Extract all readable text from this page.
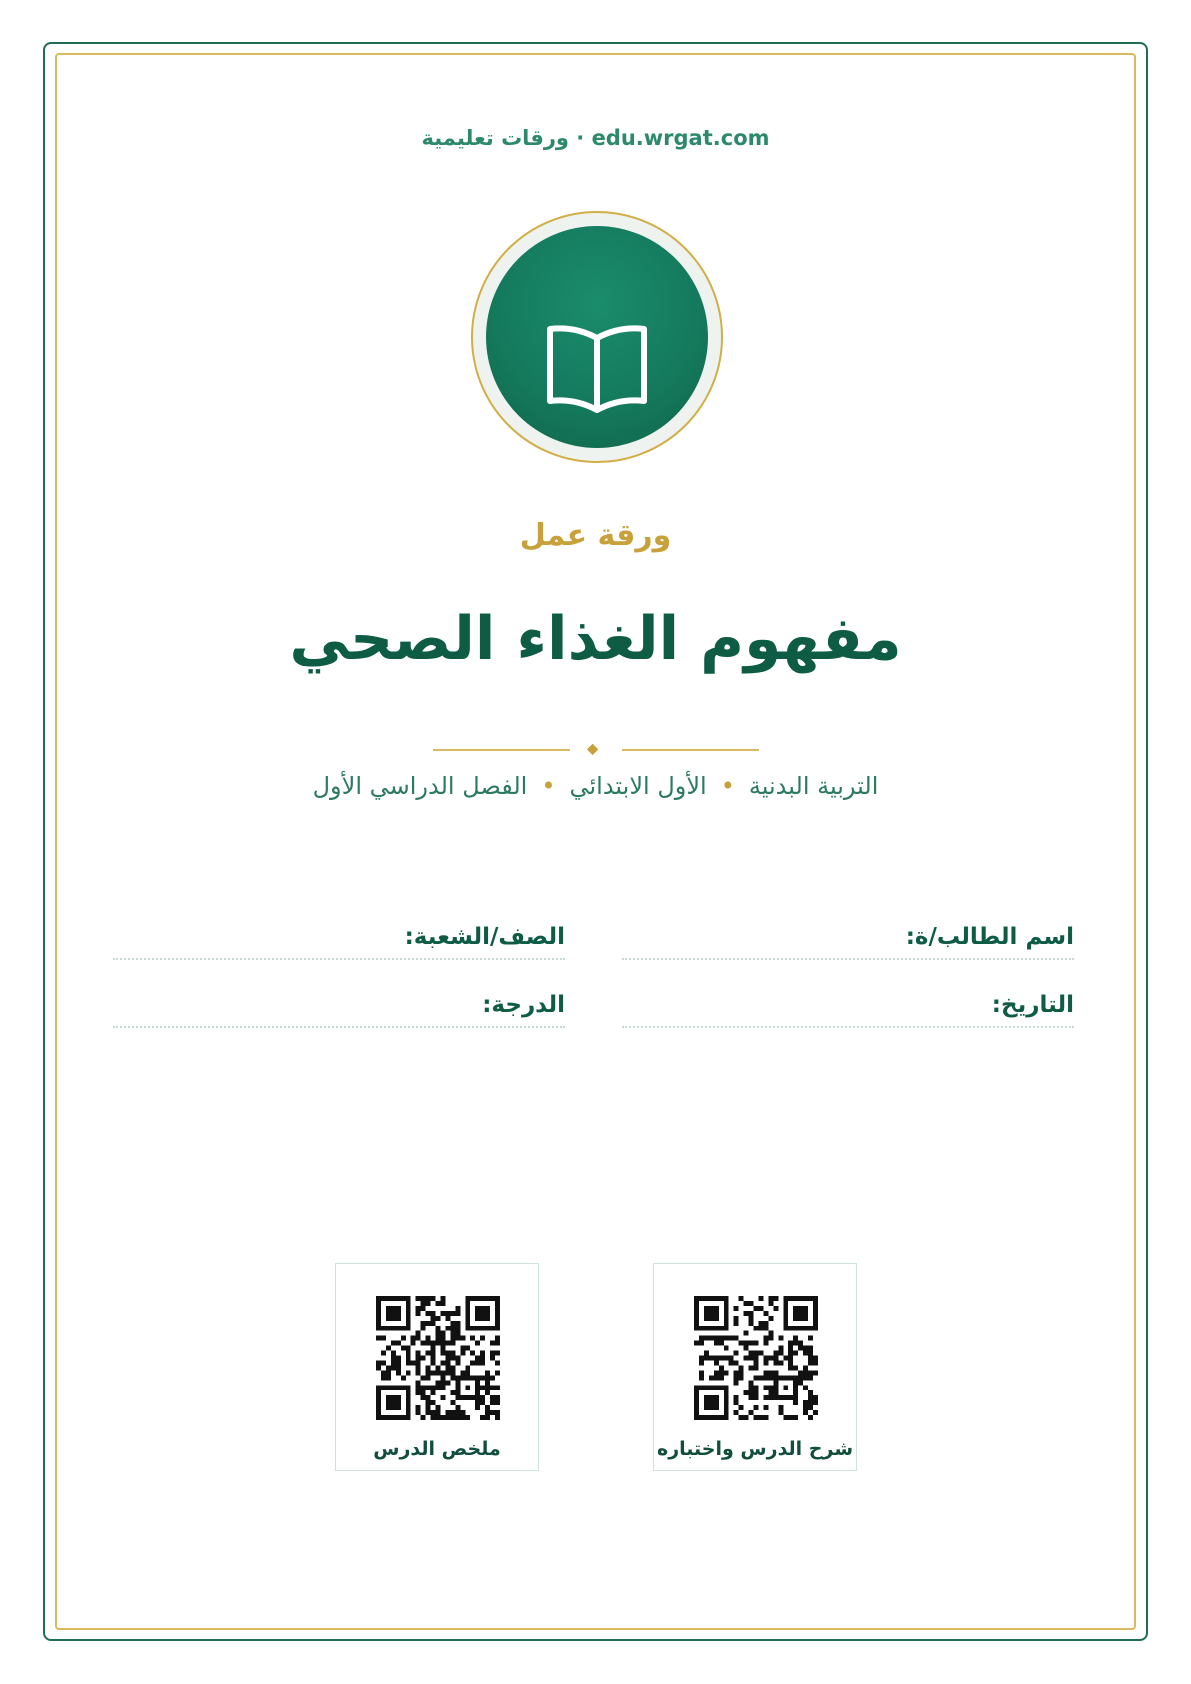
edu.wrgat.com · ورقات تعليمية
ورقة عمل
مفهوم الغذاء الصحي
التربية البدنية•الأول الابتدائي•الفصل الدراسي الأول
اسم الطالب/ة:
الصف/الشعبة:
التاريخ:
الدرجة:
شرح الدرس واختباره
ملخص الدرس
